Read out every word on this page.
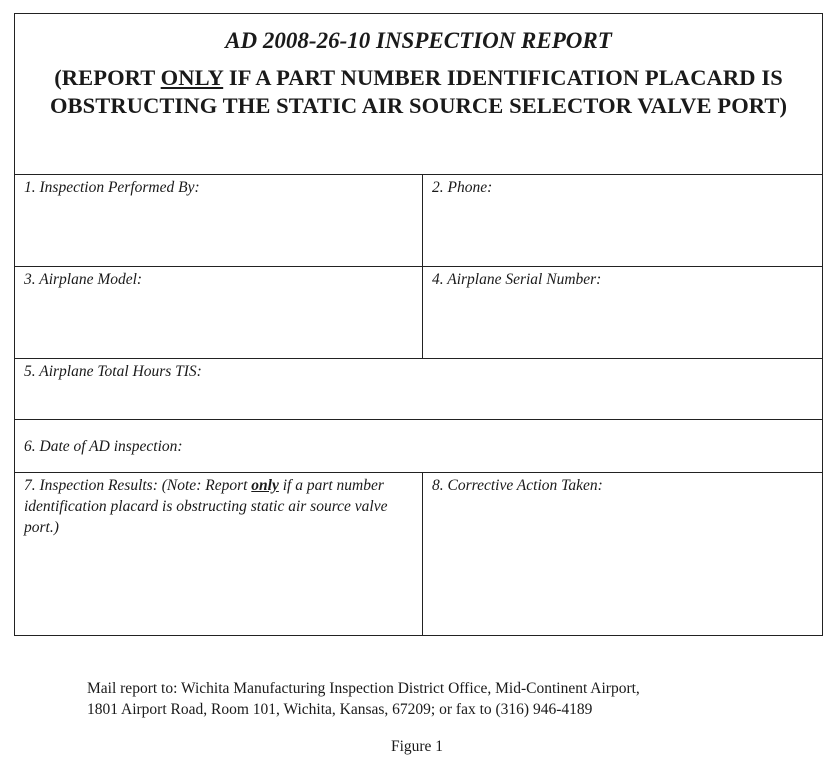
AD 2008-26-10 INSPECTION REPORT
(REPORT ONLY IF A PART NUMBER IDENTIFICATION PLACARD IS OBSTRUCTING THE STATIC AIR SOURCE SELECTOR VALVE PORT)
1. Inspection Performed By:	2. Phone:
3. Airplane Model:	4. Airplane Serial Number:
5. Airplane Total Hours TIS:
6. Date of AD inspection:
7. Inspection Results: (Note: Report only if a part number identification placard is obstructing static air source valve port.)
8. Corrective Action Taken:
Mail report to: Wichita Manufacturing Inspection District Office, Mid-Continent Airport,
1801 Airport Road, Room 101, Wichita, Kansas, 67209; or fax to (316) 946-4189
Figure 1
